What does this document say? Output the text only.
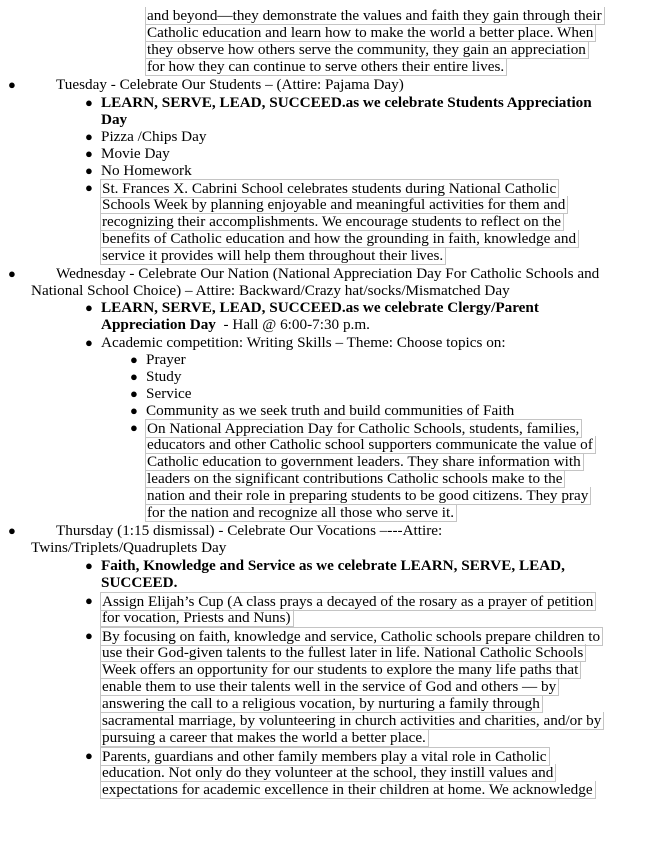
and beyond—they demonstrate the values and faith they gain through their
Catholic education and learn how to make the world a better place. When
they observe how others serve the community, they gain an appreciation
for how they can continue to serve others their entire lives.
●	Tuesday - Celebrate Our Students – (Attire: Pajama Day)
● LEARN, SERVE, LEAD, SUCCEED.as we celebrate Students Appreciation
Day
● Pizza /Chips Day
● Movie Day
● No Homework
● St. Frances X. Cabrini School celebrates students during National Catholic
Schools Week by planning enjoyable and meaningful activities for them and
recognizing their accomplishments. We encourage students to reflect on the
benefits of Catholic education and how the grounding in faith, knowledge and
service it provides will help them throughout their lives.
●	Wednesday - Celebrate Our Nation (National Appreciation Day For Catholic Schools and
National School Choice) – Attire: Backward/Crazy hat/socks/Mismatched Day
● LEARN, SERVE, LEAD, SUCCEED.as we celebrate Clergy/Parent
Appreciation Day  - Hall @ 6:00-7:30 p.m.
● Academic competition: Writing Skills – Theme: Choose topics on:
● Prayer
● Study
● Service
● Community as we seek truth and build communities of Faith
● On National Appreciation Day for Catholic Schools, students, families,
educators and other Catholic school supporters communicate the value of
Catholic education to government leaders. They share information with
leaders on the significant contributions Catholic schools make to the
nation and their role in preparing students to be good citizens. They pray
for the nation and recognize all those who serve it.
●	Thursday (1:15 dismissal) - Celebrate Our Vocations –---Attire:
Twins/Triplets/Quadruplets Day
● Faith, Knowledge and Service as we celebrate LEARN, SERVE, LEAD,
SUCCEED.
● Assign Elijah’s Cup (A class prays a decayed of the rosary as a prayer of petition
for vocation, Priests and Nuns)
● By focusing on faith, knowledge and service, Catholic schools prepare children to
use their God-given talents to the fullest later in life. National Catholic Schools
Week offers an opportunity for our students to explore the many life paths that
enable them to use their talents well in the service of God and others — by
answering the call to a religious vocation, by nurturing a family through
sacramental marriage, by volunteering in church activities and charities, and/or by
pursuing a career that makes the world a better place.
● Parents, guardians and other family members play a vital role in Catholic
education. Not only do they volunteer at the school, they instill values and
expectations for academic excellence in their children at home. We acknowledge
